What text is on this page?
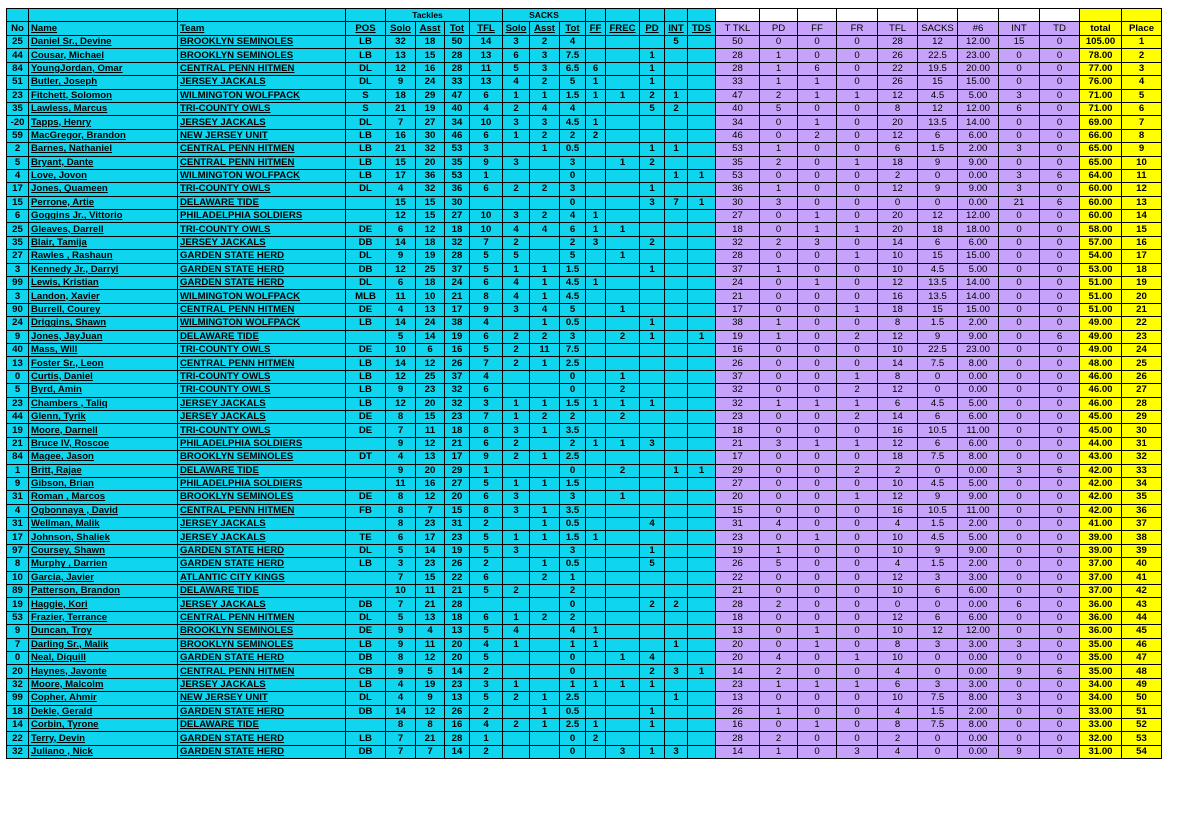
				Tackles				SACKS																		
No	Name	Team	POS	Solo	Asst	Tot	TFL	Solo	Asst	Tot	FF	FREC	PD	INT	TDS	T TKL	PD	FF	FR	TFL	SACKS	#6	INT	TD	total	Place
25	Daniel Sr., Devine	BROOKLYN SEMINOLES	LB	32	18	50	14	3	2	4				5		50	0	0	0	28	12	12.00	15	0	105.00	1
44	Cousar, Michael	BROOKLYN SEMINOLES	LB	13	15	28	13	6	3	7.5			1			28	1	0	0	26	22.5	23.00	0	0	78.00	2
84	YoungJordan, Omar	CENTRAL PENN HITMEN	DL	12	16	28	11	5	3	6.5	6		1			28	1	6	0	22	19.5	20.00	0	0	77.00	3
51	Butler, Joseph	JERSEY JACKALS	DL	9	24	33	13	4	2	5	1		1			33	1	1	0	26	15	15.00	0	0	76.00	4
23	Fitchett, Solomon	WILMINGTON WOLFPACK	S	18	29	47	6	1	1	1.5	1	1	2	1		47	2	1	1	12	4.5	5.00	3	0	71.00	5
35	Lawless, Marcus	TRI-COUNTY OWLS	S	21	19	40	4	2	4	4			5	2		40	5	0	0	8	12	12.00	6	0	71.00	6
-20	Tapps, Henry	JERSEY JACKALS	DL	7	27	34	10	3	3	4.5	1					34	0	1	0	20	13.5	14.00	0	0	69.00	7
59	MacGregor, Brandon	NEW JERSEY UNIT	LB	16	30	46	6	1	2	2	2					46	0	2	0	12	6	6.00	0	0	66.00	8
2	Barnes, Nathaniel	CENTRAL PENN HITMEN	LB	21	32	53	3		1	0.5			1	1		53	1	0	0	6	1.5	2.00	3	0	65.00	9
5	Bryant, Dante	CENTRAL PENN HITMEN	LB	15	20	35	9	3		3		1	2			35	2	0	1	18	9	9.00	0	0	65.00	10
4	Love, Jovon	WILMINGTON WOLFPACK	LB	17	36	53	1			0				1	1	53	0	0	0	2	0	0.00	3	6	64.00	11
17	Jones, Quameen	TRI-COUNTY OWLS	DL	4	32	36	6	2	2	3			1			36	1	0	0	12	9	9.00	3	0	60.00	12
15	Perrone, Artie	DELAWARE TIDE		15	15	30				0			3	7	1	30	3	0	0	0	0	0.00	21	6	60.00	13
6	Goggins Jr., Vittorio	PHILADELPHIA SOLDIERS		12	15	27	10	3	2	4	1					27	0	1	0	20	12	12.00	0	0	60.00	14
25	Gleaves, Darrell	TRI-COUNTY OWLS	DE	6	12	18	10	4	4	6	1	1				18	0	1	1	20	18	18.00	0	0	58.00	15
35	Blair, Tamija	JERSEY JACKALS	DB	14	18	32	7	2		2	3		2			32	2	3	0	14	6	6.00	0	0	57.00	16
27	Rawles , Rashaun	GARDEN STATE HERD	DL	9	19	28	5	5		5		1				28	0	0	1	10	15	15.00	0	0	54.00	17
3	Kennedy Jr., Darryl	GARDEN STATE HERD	DB	12	25	37	5	1	1	1.5			1			37	1	0	0	10	4.5	5.00	0	0	53.00	18
99	Lewis, Kristian	GARDEN STATE HERD	DL	6	18	24	6	4	1	4.5	1					24	0	1	0	12	13.5	14.00	0	0	51.00	19
3	Landon, Xavier	WILMINGTON WOLFPACK	MLB	11	10	21	8	4	1	4.5						21	0	0	0	16	13.5	14.00	0	0	51.00	20
90	Burrell, Courey	CENTRAL PENN HITMEN	DE	4	13	17	9	3	4	5		1				17	0	0	1	18	15	15.00	0	0	51.00	21
24	Driggins, Shawn	WILMINGTON WOLFPACK	LB	14	24	38	4		1	0.5			1			38	1	0	0	8	1.5	2.00	0	0	49.00	22
9	Jones, JayJuan	DELAWARE TIDE		5	14	19	6	2	2	3		2	1		1	19	1	0	2	12	9	9.00	0	6	49.00	23
40	Mass, Will	TRI-COUNTY OWLS	DE	10	6	16	5	2	11	7.5						16	0	0	0	10	22.5	23.00	0	0	49.00	24
13	Foster Sr., Leon	CENTRAL PENN HITMEN	LB	14	12	26	7	2	1	2.5						26	0	0	0	14	7.5	8.00	0	0	48.00	25
0	Curtis, Daniel	TRI-COUNTY OWLS	LB	12	25	37	4			0		1				37	0	0	1	8	0	0.00	0	0	46.00	26
5	Byrd, Amin	TRI-COUNTY OWLS	LB	9	23	32	6			0		2				32	0	0	2	12	0	0.00	0	0	46.00	27
23	Chambers , Taliq	JERSEY JACKALS	LB	12	20	32	3	1	1	1.5	1	1	1			32	1	1	1	6	4.5	5.00	0	0	46.00	28
44	Glenn, Tyrik	JERSEY JACKALS	DE	8	15	23	7	1	2	2		2				23	0	0	2	14	6	6.00	0	0	45.00	29
19	Moore, Darnell	TRI-COUNTY OWLS	DE	7	11	18	8	3	1	3.5						18	0	0	0	16	10.5	11.00	0	0	45.00	30
21	Bruce IV, Roscoe	PHILADELPHIA SOLDIERS		9	12	21	6	2		2	1	1	3			21	3	1	1	12	6	6.00	0	0	44.00	31
84	Magee, Jason	BROOKLYN SEMINOLES	DT	4	13	17	9	2	1	2.5						17	0	0	0	18	7.5	8.00	0	0	43.00	32
1	Britt, Rajae	DELAWARE TIDE		9	20	29	1			0		2		1	1	29	0	0	2	2	0	0.00	3	6	42.00	33
9	Gibson, Brian	PHILADELPHIA SOLDIERS		11	16	27	5	1	1	1.5						27	0	0	0	10	4.5	5.00	0	0	42.00	34
31	Roman , Marcos	BROOKLYN SEMINOLES	DE	8	12	20	6	3		3		1				20	0	0	1	12	9	9.00	0	0	42.00	35
4	Ogbonnaya , David	CENTRAL PENN HITMEN	FB	8	7	15	8	3	1	3.5						15	0	0	0	16	10.5	11.00	0	0	42.00	36
31	Wellman, Malik	JERSEY JACKALS		8	23	31	2		1	0.5			4			31	4	0	0	4	1.5	2.00	0	0	41.00	37
17	Johnson, Shaliek	JERSEY JACKALS	TE	6	17	23	5	1	1	1.5	1					23	0	1	0	10	4.5	5.00	0	0	39.00	38
97	Coursey, Shawn	GARDEN STATE HERD	DL	5	14	19	5	3		3			1			19	1	0	0	10	9	9.00	0	0	39.00	39
8	Murphy , Darrien	GARDEN STATE HERD	LB	3	23	26	2		1	0.5			5			26	5	0	0	4	1.5	2.00	0	0	37.00	40
10	Garcia, Javier	ATLANTIC CITY KINGS		7	15	22	6		2	1						22	0	0	0	12	3	3.00	0	0	37.00	41
89	Patterson, Brandon	DELAWARE TIDE		10	11	21	5	2		2						21	0	0	0	10	6	6.00	0	0	37.00	42
19	Haggie, Kori	JERSEY JACKALS	DB	7	21	28				0			2	2		28	2	0	0	0	0	0.00	6	0	36.00	43
53	Frazier, Terrance	CENTRAL PENN HITMEN	DL	5	13	18	6	1	2	2						18	0	0	0	12	6	6.00	0	0	36.00	44
9	Duncan, Troy	BROOKLYN SEMINOLES	DE	9	4	13	5	4		4	1					13	0	1	0	10	12	12.00	0	0	36.00	45
7	Darling Sr., Malik	BROOKLYN SEMINOLES	LB	9	11	20	4	1		1	1			1		20	0	1	0	8	3	3.00	3	0	35.00	46
0	Neal, Diquill	GARDEN STATE HERD	DB	8	12	20	5			0		1	4			20	4	0	1	10	0	0.00	0	0	35.00	47
20	Haynes, Javonte	CENTRAL PENN HITMEN	CB	9	5	14	2			0			2	3	1	14	2	0	0	4	0	0.00	9	6	35.00	48
32	Moore, Malcolm	JERSEY JACKALS	LB	4	19	23	3	1		1	1	1	1			23	1	1	1	6	3	3.00	0	0	34.00	49
99	Copher, Ahmir	NEW JERSEY UNIT	DL	4	9	13	5	2	1	2.5				1		13	0	0	0	10	7.5	8.00	3	0	34.00	50
18	Dekle, Gerald	GARDEN STATE HERD	DB	14	12	26	2		1	0.5			1			26	1	0	0	4	1.5	2.00	0	0	33.00	51
14	Corbin, Tyrone	DELAWARE TIDE		8	8	16	4	2	1	2.5	1		1			16	0	1	0	8	7.5	8.00	0	0	33.00	52
22	Terry, Devin	GARDEN STATE HERD	LB	7	21	28	1			0	2					28	2	0	0	2	0	0.00	0	0	32.00	53
32	Juliano , Nick	GARDEN STATE HERD	DB	7	7	14	2			0		3	1	3		14	1	0	3	4	0	0.00	9	0	31.00	54
